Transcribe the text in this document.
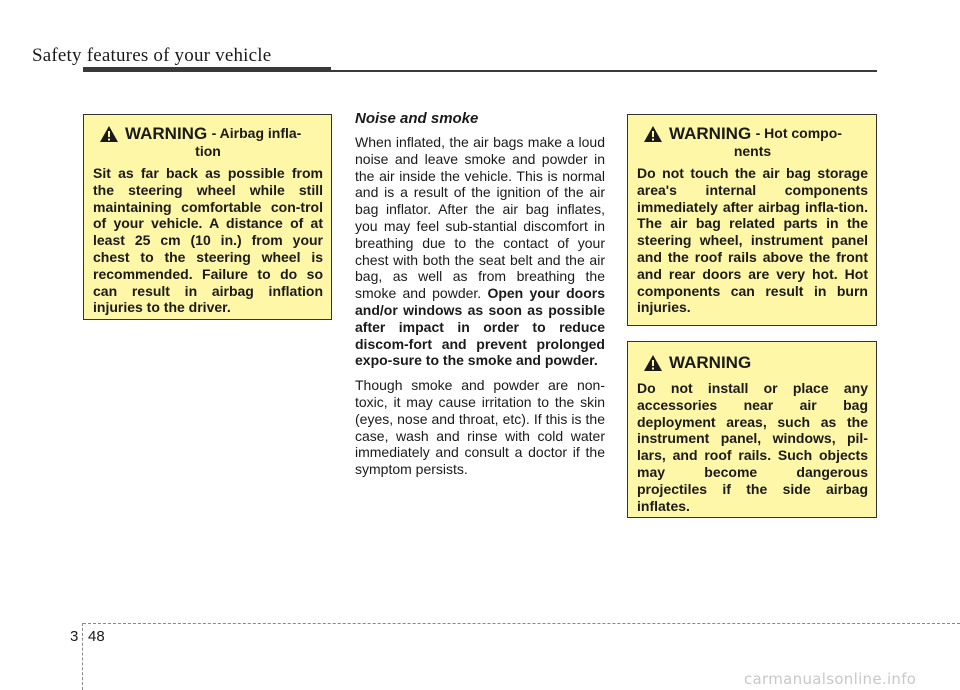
Safety features of your vehicle
WARNING
- Airbag infla-
tion
Sit as far back as possible from the steering wheel while still maintaining comfortable con-trol of your vehicle. A distance of at least 25 cm (10 in.) from your chest to the steering wheel is recommended. Failure to do so can result in airbag inflation injuries to the driver.
Noise and smoke

When inflated, the air bags make a loud noise and leave smoke and powder in the air inside the vehicle. This is normal and is a result of the ignition of the air bag inflator. After the air bag inflates, you may feel sub-stantial discomfort in breathing due to the contact of your chest with both the seat belt and the air bag, as well as from breathing the smoke and powder. Open your doors and/or windows as soon as possible after impact in order to reduce discom-fort and prevent prolonged expo-sure to the smoke and powder.

Though smoke and powder are non-toxic, it may cause irritation to the skin (eyes, nose and throat, etc). If this is the case, wash and rinse with cold water immediately and consult a doctor if the symptom persists.

WARNING
- Hot compo-
nents
Do not touch the air bag storage area's internal components immediately after airbag infla-tion. The air bag related parts in the steering wheel, instrument panel and the roof rails above the front and rear doors are very hot. Hot components can result in burn injuries.
WARNING
Do not install or place any accessories near air bag deployment areas, such as the instrument panel, windows, pil-lars, and roof rails. Such objects may become dangerous projectiles if the side airbag inflates.
3 48
carmanualsonline.info
